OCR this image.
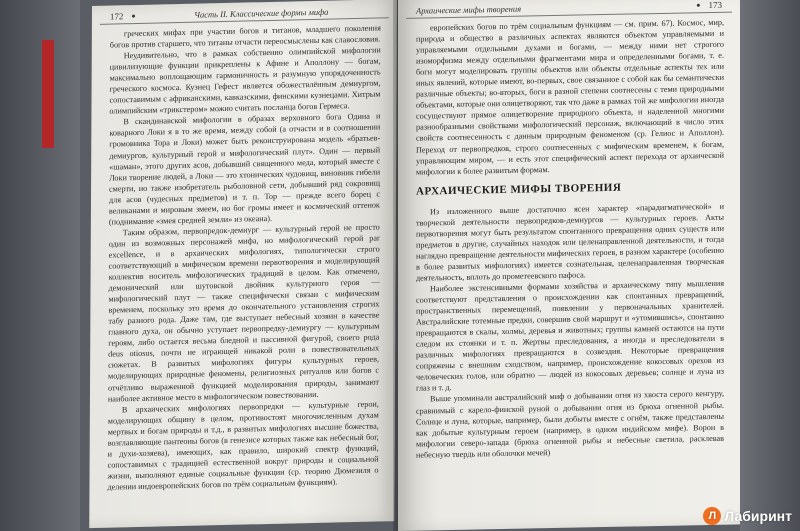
172 ●	Часть II. Классические формы мифа

греческих мифах при участии богов и титанов, младшего поколения богов против старшего, что титаны отчасти переосмыслены как славословия.

Неудивительно, что в рамках собственно олимпийской мифологии цивилизующие функции прикреплены к Афине и Аполлону — богам, максимально воплощающим гармоничность и разумную упорядоченность греческого космоса. Кузнец Гефест является обожествлённым демиургом, сопоставимым с африканскими, кавказскими, финскими кузнецами. Хитрым олимпийским «трикстером» можно считать посланца богов Гермеса.

В скандинавской мифологии в образах верховного бога Одина и коварного Локи я в то же время, между собой (а отчасти и в соотношении громовника Тора и Локи) может быть реконструирована модель «братьев-демиургов, культурный герой и мифологический плут». Один — первый «шаман», этого других асов, добывший священного меда, который вместе с Локи творение людей, а Локи — это хтонических чудовищ, виновник гибели смерти, но также изобретатель рыболовной сети, добывший ряд сокровищ для асов (чудесных предметов) и т. п. Тор — прежде всего борец с великанами и мировым змеем, но бог громы имеет и космический оттенок (поднимание «змея средней земли» из океана).

Таким образом, первопредок-демиург — культурный герой не просто один из возможных персонажей мифа, но мифологический герой par excellence, и в архаических мифологиях, типологически строго соответствующий в мифическом времени первотворения и моделирующий коллектив носитель мифологических традиций в целом. Как отмечено, демонический или шутовской двойник культурного героя — мифологический плут — также специфически связан с мифическим временем, поскольку это время до окончательного установления строгих табу разного рода. Даже там, где выступает небесный хозяин в качестве главного духа, он обычно уступает первопредку-демиургу — культурным героям, либо остается весьма бледной и пассивной фигурой, своего рода deus otiosus, почти не играющей никакой роли в повествовательных сюжетах. В развитых мифологиях фигуры культурных героев, моделирующих природные феномены, религиозных ритуалов или богов с отчётливо выраженной функцией моделирования природы, занимают наиболее активное место в мифологическом повествовании.

В архаических мифологиях первопредки — культурные герои, моделирующих общину в целом, противостоят многочисленным духам мертвых и богам природы и т.д., в развитых мифологиях высшие божества, возглавляющие пантеоны богов (в генезисе которых также как небесный бог, и духи-хозяева), имеющих, как правило, широкий спектр функций, сопоставимых с традицией естественной вокруг природы и социальной жизни, выполняют единые социальные функции (ср. теорию Дюмезиля о делении индоевропейских богов по трём социальным функциям).

Архаические мифы творения	● 173

европейских богов по трём социальным функциям — см. прим. 67). Космос, мир, природа и общество в различных аспектах являются объектом управляемыми и управляемыми отдельными духами и богами, — между ними нет строгого изоморфизма между отдельными фрагментами мира и определенными богами, т. е. боги могут моделировать группы объектов или объекты отдельные аспекты тех или иных явлений, которые имеют, во-первых, свое связанное с собой как бы семантически различные объекты; во-вторых, боги в разной степени соотнесены с теми природными объектами, которые они олицетворяют, так что даже в рамках той же мифологии иногда сосуществуют прямое олицетворение природного объекта, и наделенной многими разнообразными свойствами мифологический персонаж, включающий в число этих свойств соотнесенность с данным природным феноменом (ср. Гелиос и Аполлон). Переход от первопредков, строго соотнесенных с мифическим временем, к богам, управляющим миром, — и есть этот специфический аспект перехода от архаической мифологии к более развитым формам.

АРХАИЧЕСКИЕ МИФЫ ТВОРЕНИЯ

Из изложенного выше достаточно ясен характер «парадигматической» и творческой деятельности первопредков-демиургов — культурных героев. Акты первотворения могут быть результатом спонтанного превращения одних существ или предметов в другие, случайных находок или целенаправленной деятельности, и тогда наглядно превращение деятельности мифических героев, в разном характере (особенно в более развитых мифологиях) имеется сознательная, целенаправленная творческая деятельность, вплоть до прометеевского пафоса.

Наиболее экстенсивными формами хозяйства и архаическому типу мышления соответствуют представления о происхождении как спонтанных превращений, пространственных перемещений, появлении у первоначальных хранителей. Австралийские тотемные предки, совершив свой маршрут и «утомившись», спонтанно превращаются в скалы, холмы, деревья и животных; группы камней остаются на пути следом их стоянки и т. п. Жертвы преследования, а иногда и преследователи в различных мифологиях превращаются в созвездия. Некоторые превращения сопряжены с внешним сходством, например, происхождение кокосовых орехов из человеческих голов, или обратно — людей из кокосовых деревьев; солнце и луна из глаз и т. д.

Выше упоминали австралийский миф о добывании огня из хвоста серого кенгуру, сравнимый с карело-финской руной о добывании огня из брюха огненной рыбы. Солнце и луна, которые, например, были добыты вместе с огнём, также представлены как добытые культурным героем (например, в одном индийском мифе). Ворон в мифологии северо-запада (брюха огненной рыбы и небесные светила, расклевав небесную твердь или оболочки мечей)

Л Лабиринт
